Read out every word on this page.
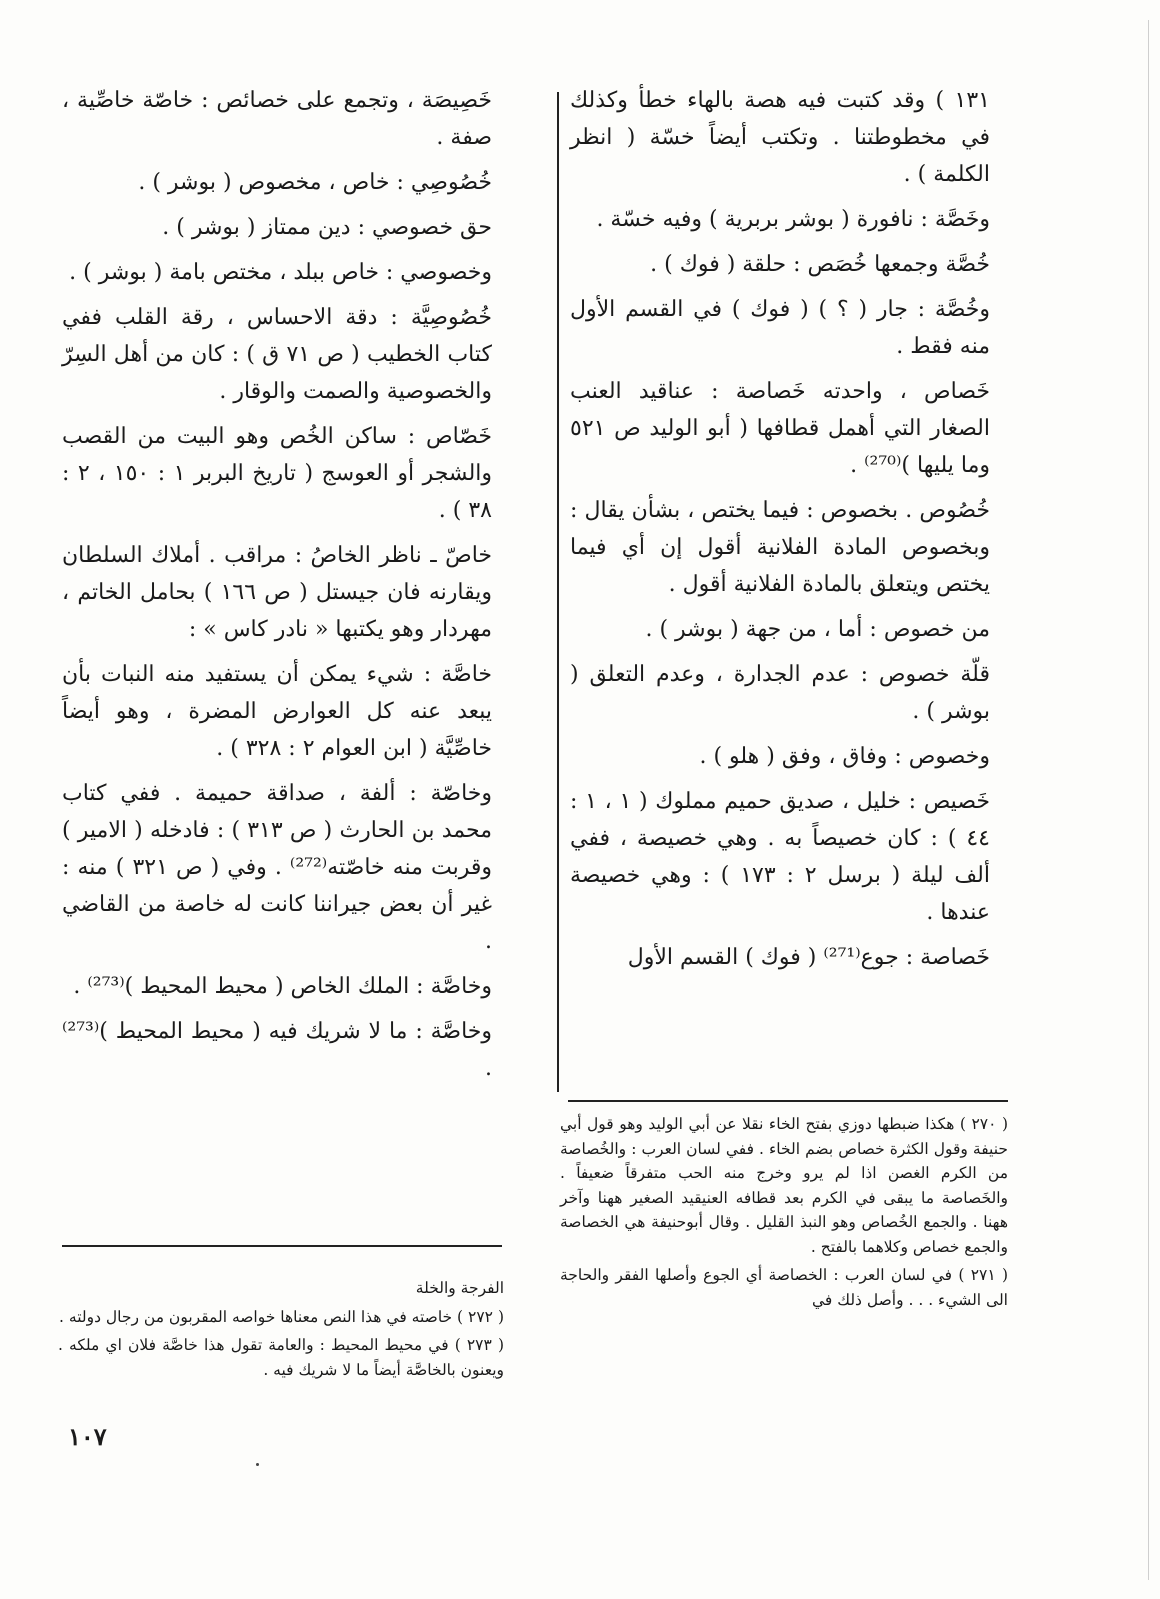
١٣١ ) وقد كتبت فيه هصة بالهاء خطأ وكذلك في مخطوطتنا . وتكتب أيضاً خسّة ( انظر الكلمة ) .

وخَصَّة : نافورة ( بوشر بربرية ) وفيه خسّة .

خُصَّة وجمعها خُصَص : حلقة ( فوك ) .

وخُصَّة : جار ( ؟ ) ( فوك ) في القسم الأول منه فقط .

خَصاص ، واحدته خَصاصة : عناقيد العنب الصغار التي أهمل قطافها ( أبو الوليد ص ٥٢١ وما يليها )⁽²⁷⁰⁾ .

خُصُوص . بخصوص : فيما يختص ، بشأن يقال : وبخصوص المادة الفلانية أقول إن أي فيما يختص ويتعلق بالمادة الفلانية أقول .

من خصوص : أما ، من جهة ( بوشر ) .

قلّة خصوص : عدم الجدارة ، وعدم التعلق ( بوشر ) .

وخصوص : وفاق ، وفق ( هلو ) .

خَصيص : خليل ، صديق حميم مملوك ( ١ ، ١ : ٤٤ ) : كان خصيصاً به . وهي خصيصة ، ففي ألف ليلة ( برسل ٢ : ١٧٣ ) : وهي خصيصة عندها .

خَصاصة : جوع⁽²⁷¹⁾ ( فوك ) القسم الأول

خَصِيصَة ، وتجمع على خصائص : خاصّة خاصِّية ، صفة .

خُصُوصِي : خاص ، مخصوص ( بوشر ) .

حق خصوصي : دين ممتاز ( بوشر ) .

وخصوصي : خاص ببلد ، مختص بامة ( بوشر ) .

خُصُوصِيَّة : دقة الاحساس ، رقة القلب ففي كتاب الخطيب ( ص ٧١ ق ) : كان من أهل السِرّ والخصوصية والصمت والوقار .

خَصّاص : ساكن الخُص وهو البيت من القصب والشجر أو العوسج ( تاريخ البربر ١ : ١٥٠ ، ٢ : ٣٨ ) .

خاصّ ـ ناظر الخاصُ : مراقب . أملاك السلطان ويقارنه فان جيستل ( ص ١٦٦ ) بحامل الخاتم ، مهردار وهو يكتبها « نادر كاس » :

خاصَّة : شيء يمكن أن يستفيد منه النبات بأن يبعد عنه كل العوارض المضرة ، وهو أيضاً خاصِّيَّة ( ابن العوام ٢ : ٣٢٨ ) .

وخاصّة : ألفة ، صداقة حميمة . ففي كتاب محمد بن الحارث ( ص ٣١٣ ) : فادخله ( الامير ) وقربت منه خاصّته⁽²⁷²⁾ . وفي ( ص ٣٢١ ) منه : غير أن بعض جيراننا كانت له خاصة من القاضي .

وخاصَّة : الملك الخاص ( محيط المحيط )⁽²⁷³⁾ .

وخاصَّة : ما لا شريك فيه ( محيط المحيط )⁽²⁷³⁾ .

( ٢٧٠ ) هكذا ضبطها دوزي بفتح الخاء نقلا عن أبي الوليد وهو قول أبي حنيفة وقول الكثرة خصاص بضم الخاء . ففي لسان العرب : والخُصاصة من الكرم الغصن اذا لم يرو وخرج منه الحب متفرقاً ضعيفاً . والخَصاصة ما يبقى في الكرم بعد قطافه العنيقيد الصغير ههنا وآخر ههنا . والجمع الخُصاص وهو النبذ القليل . وقال أبوحنيفة هي الخصاصة والجمع خصاص وكلاهما بالفتح .

( ٢٧١ ) في لسان العرب : الخصاصة أي الجوع وأصلها الفقر والحاجة الى الشيء . . . وأصل ذلك في

الفرجة والخلة

( ٢٧٢ ) خاصته في هذا النص معناها خواصه المقربون من رجال دولته .

( ٢٧٣ ) في محيط المحيط : والعامة تقول هذا خاصَّة فلان اي ملكه . ويعنون بالخاصَّة أيضاً ما لا شريك فيه .

١٠٧
